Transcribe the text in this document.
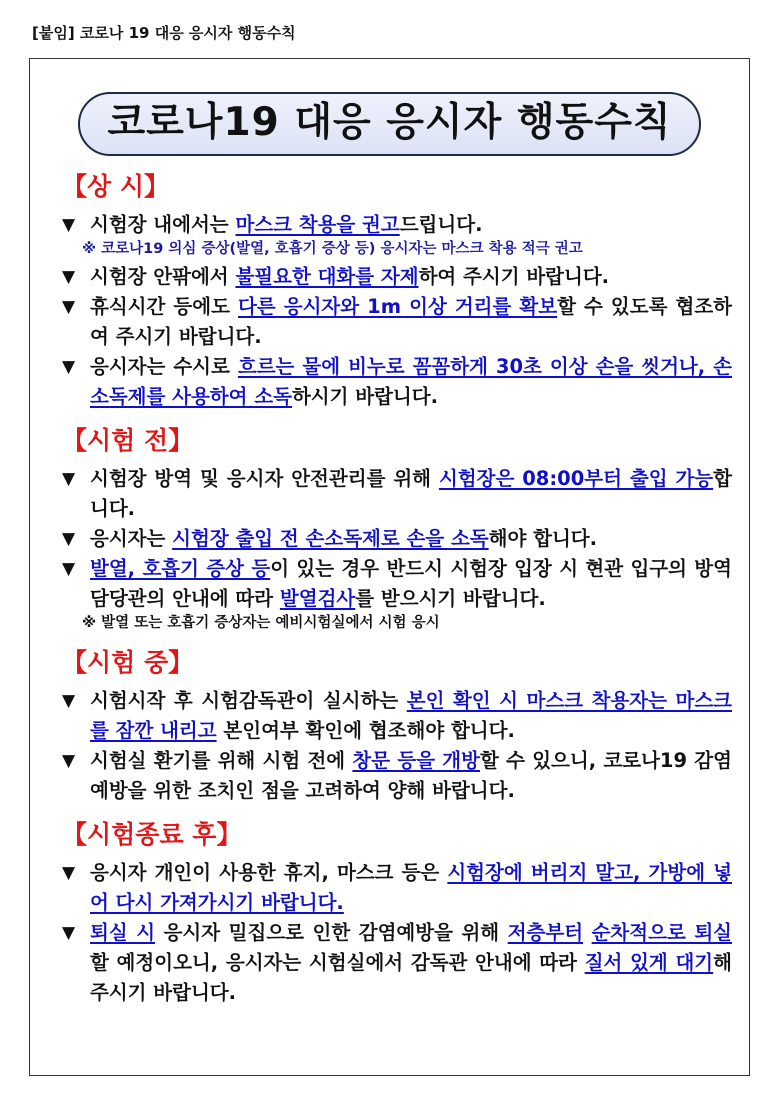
[붙임] 코로나 19 대응 응시자 행동수칙
코로나19 대응 응시자 행동수칙
【상 시】
▼ 시험장 내에서는 마스크 착용을 권고드립니다.
※ 코로나19 의심 증상(발열, 호흡기 증상 등) 응시자는 마스크 착용 적극 권고
▼ 시험장 안팎에서 불필요한 대화를 자제하여 주시기 바랍니다.
▼ 휴식시간 등에도 다른 응시자와 1m 이상 거리를 확보할 수 있도록 협조하여 주시기 바랍니다.
▼ 응시자는 수시로 흐르는 물에 비누로 꼼꼼하게 30초 이상 손을 씻거나, 손소독제를 사용하여 소독하시기 바랍니다.
【시험 전】
▼ 시험장 방역 및 응시자 안전관리를 위해 시험장은 08:00부터 출입 가능합니다.
▼ 응시자는 시험장 출입 전 손소독제로 손을 소독해야 합니다.
▼ 발열, 호흡기 증상 등이 있는 경우 반드시 시험장 입장 시 현관 입구의 방역담당관의 안내에 따라 발열검사를 받으시기 바랍니다.
※ 발열 또는 호흡기 증상자는 예비시험실에서 시험 응시
【시험 중】
▼ 시험시작 후 시험감독관이 실시하는 본인 확인 시 마스크 착용자는 마스크를 잠깐 내리고 본인여부 확인에 협조해야 합니다.
▼ 시험실 환기를 위해 시험 전에 창문 등을 개방할 수 있으니, 코로나19 감염 예방을 위한 조치인 점을 고려하여 양해 바랍니다.
【시험종료 후】
▼ 응시자 개인이 사용한 휴지, 마스크 등은 시험장에 버리지 말고, 가방에 넣어 다시 가져가시기 바랍니다.
▼ 퇴실 시 응시자 밀집으로 인한 감염예방을 위해 저층부터 순차적으로 퇴실할 예정이오니, 응시자는 시험실에서 감독관 안내에 따라 질서 있게 대기해 주시기 바랍니다.
